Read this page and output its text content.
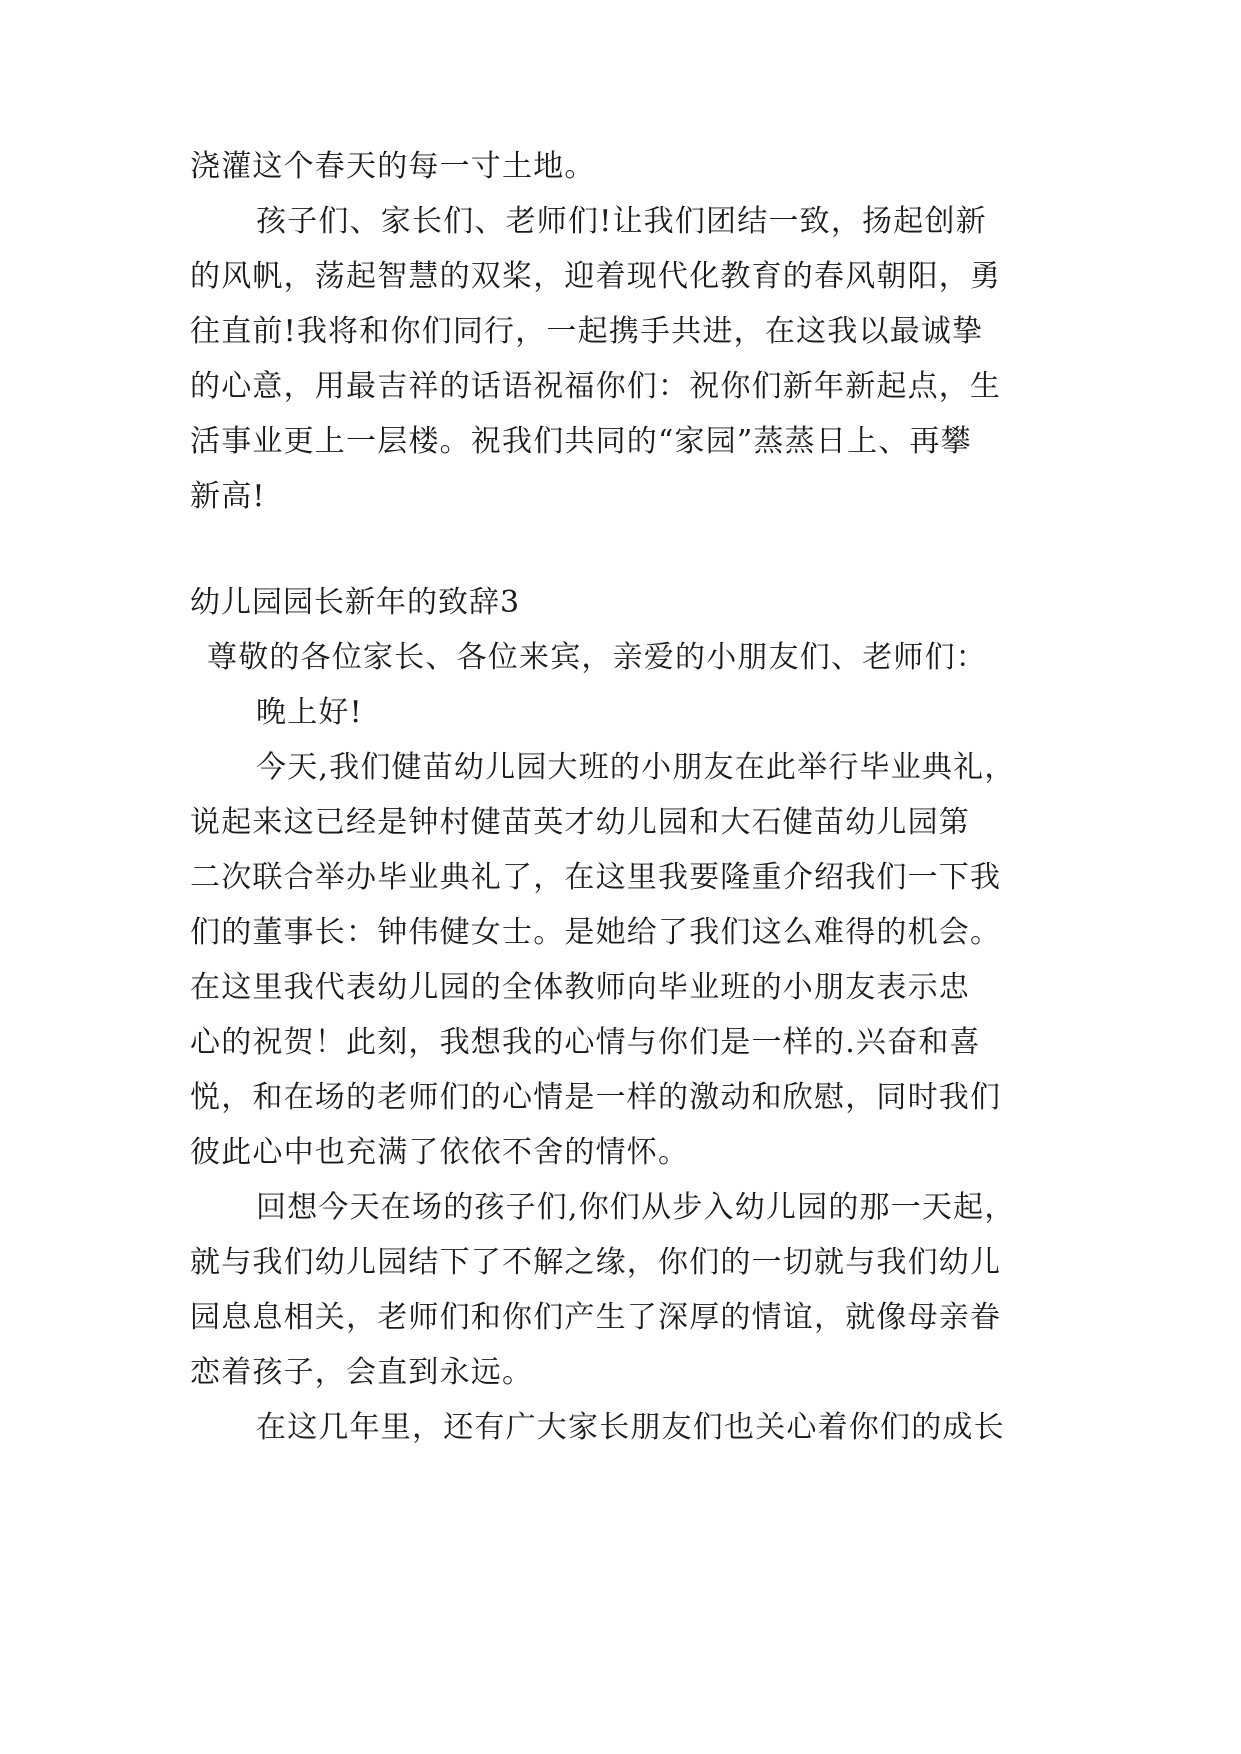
浇灌这个春天的每一寸土地。
孩子们、家长们、老师们!让我们团结一致，扬起创新
的风帆，荡起智慧的双桨，迎着现代化教育的春风朝阳，勇
往直前!我将和你们同行，一起携手共进，在这我以最诚挚
的心意，用最吉祥的话语祝福你们：祝你们新年新起点，生
活事业更上一层楼。祝我们共同的“家园”蒸蒸日上、再攀
新高!
幼儿园园长新年的致辞3
尊敬的各位家长、各位来宾，亲爱的小朋友们、老师们：
晚上好!
今天,我们健苗幼儿园大班的小朋友在此举行毕业典礼，
说起来这已经是钟村健苗英才幼儿园和大石健苗幼儿园第
二次联合举办毕业典礼了，在这里我要隆重介绍我们一下我
们的董事长：钟伟健女士。是她给了我们这么难得的机会。
在这里我代表幼儿园的全体教师向毕业班的小朋友表示忠
心的祝贺！此刻，我想我的心情与你们是一样的.兴奋和喜
悦，和在场的老师们的心情是一样的激动和欣慰，同时我们
彼此心中也充满了依依不舍的情怀。
回想今天在场的孩子们,你们从步入幼儿园的那一天起，
就与我们幼儿园结下了不解之缘，你们的一切就与我们幼儿
园息息相关，老师们和你们产生了深厚的情谊，就像母亲眷
恋着孩子，会直到永远。
在这几年里，还有广大家长朋友们也关心着你们的成长
